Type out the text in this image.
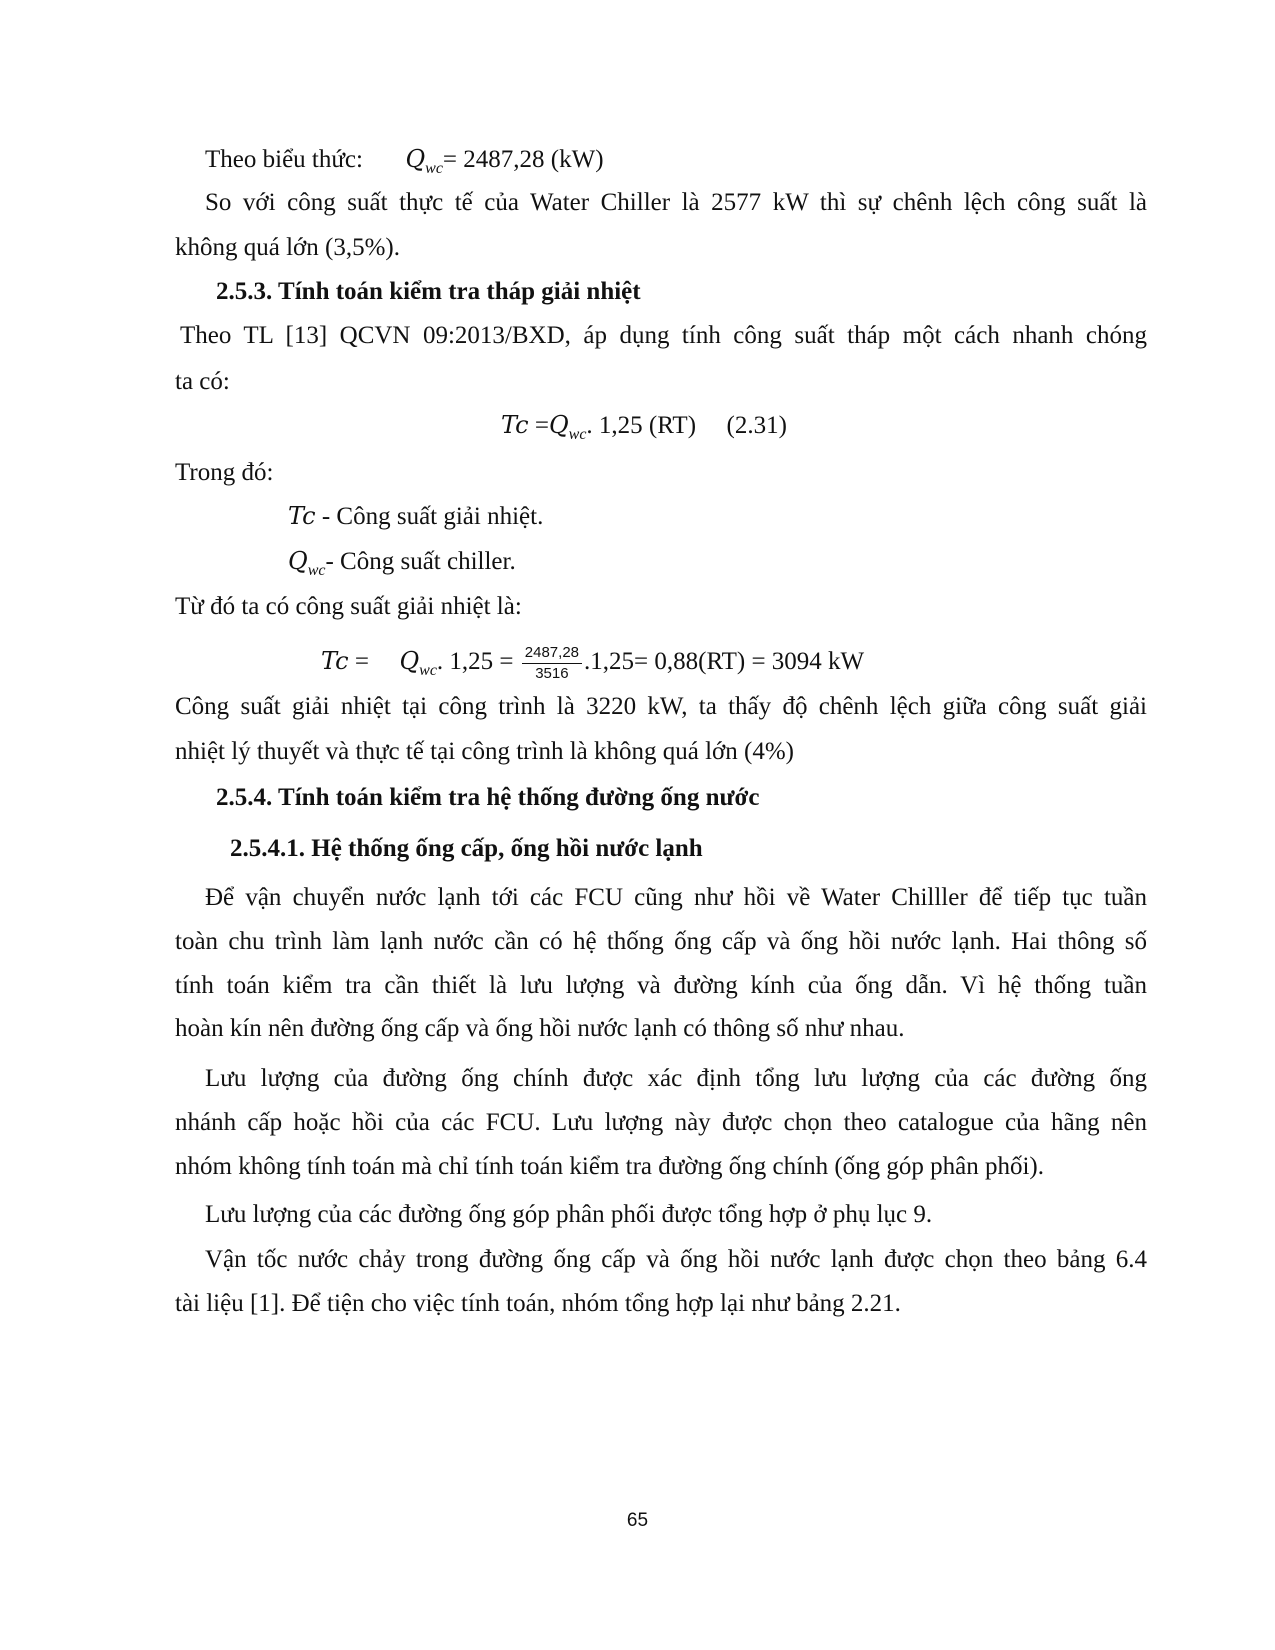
Theo biểu thức: $Q_{wc}= 2487,28$ (kW)
So với công suất thực tế của Water Chiller là 2577 kW thì sự chênh lệch công suất là
không quá lớn (3,5%).
2.5.3. Tính toán kiểm tra tháp giải nhiệt
Theo TL [13] QCVN 09:2013/BXD, áp dụng tính công suất tháp một cách nhanh chóng
ta có:
$Tc =Q_{wc}$. 1,25 (RT) (2.31)
Trong đó:
Tc - Công suất giải nhiệt.
$Q_{wc}-$ Công suất chiller.
Từ đó ta có công suất giải nhiệt là:
$Tc = Q_{wc}$. $1,25 = \frac{2487,28}{3516} .1,25= 0,88(RT) = 3094$ kW
Công suất giải nhiệt tại công trình là 3220 kW, ta thấy độ chênh lệch giữa công suất giải
nhiệt lý thuyết và thực tế tại công trình là không quá lớn (4%)
2.5.4. Tính toán kiểm tra hệ thống đường ống nước
2.5.4.1. Hệ thống ống cấp, ống hồi nước lạnh
Để vận chuyển nước lạnh tới các FCU cũng như hồi về Water Chilller để tiếp tục tuần
toàn chu trình làm lạnh nước cần có hệ thống ống cấp và ống hồi nước lạnh. Hai thông số
tính toán kiểm tra cần thiết là lưu lượng và đường kính của ống dẫn. Vì hệ thống tuần
hoàn kín nên đường ống cấp và ống hồi nước lạnh có thông số như nhau.
Lưu lượng của đường ống chính được xác định tổng lưu lượng của các đường ống
nhánh cấp hoặc hồi của các FCU. Lưu lượng này được chọn theo catalogue của hãng nên
nhóm không tính toán mà chỉ tính toán kiểm tra đường ống chính (ống góp phân phối).
Lưu lượng của các đường ống góp phân phối được tổng hợp ở phụ lục 9.
Vận tốc nước chảy trong đường ống cấp và ống hồi nước lạnh được chọn theo bảng 6.4
tài liệu [1]. Để tiện cho việc tính toán, nhóm tổng hợp lại như bảng 2.21.
65
